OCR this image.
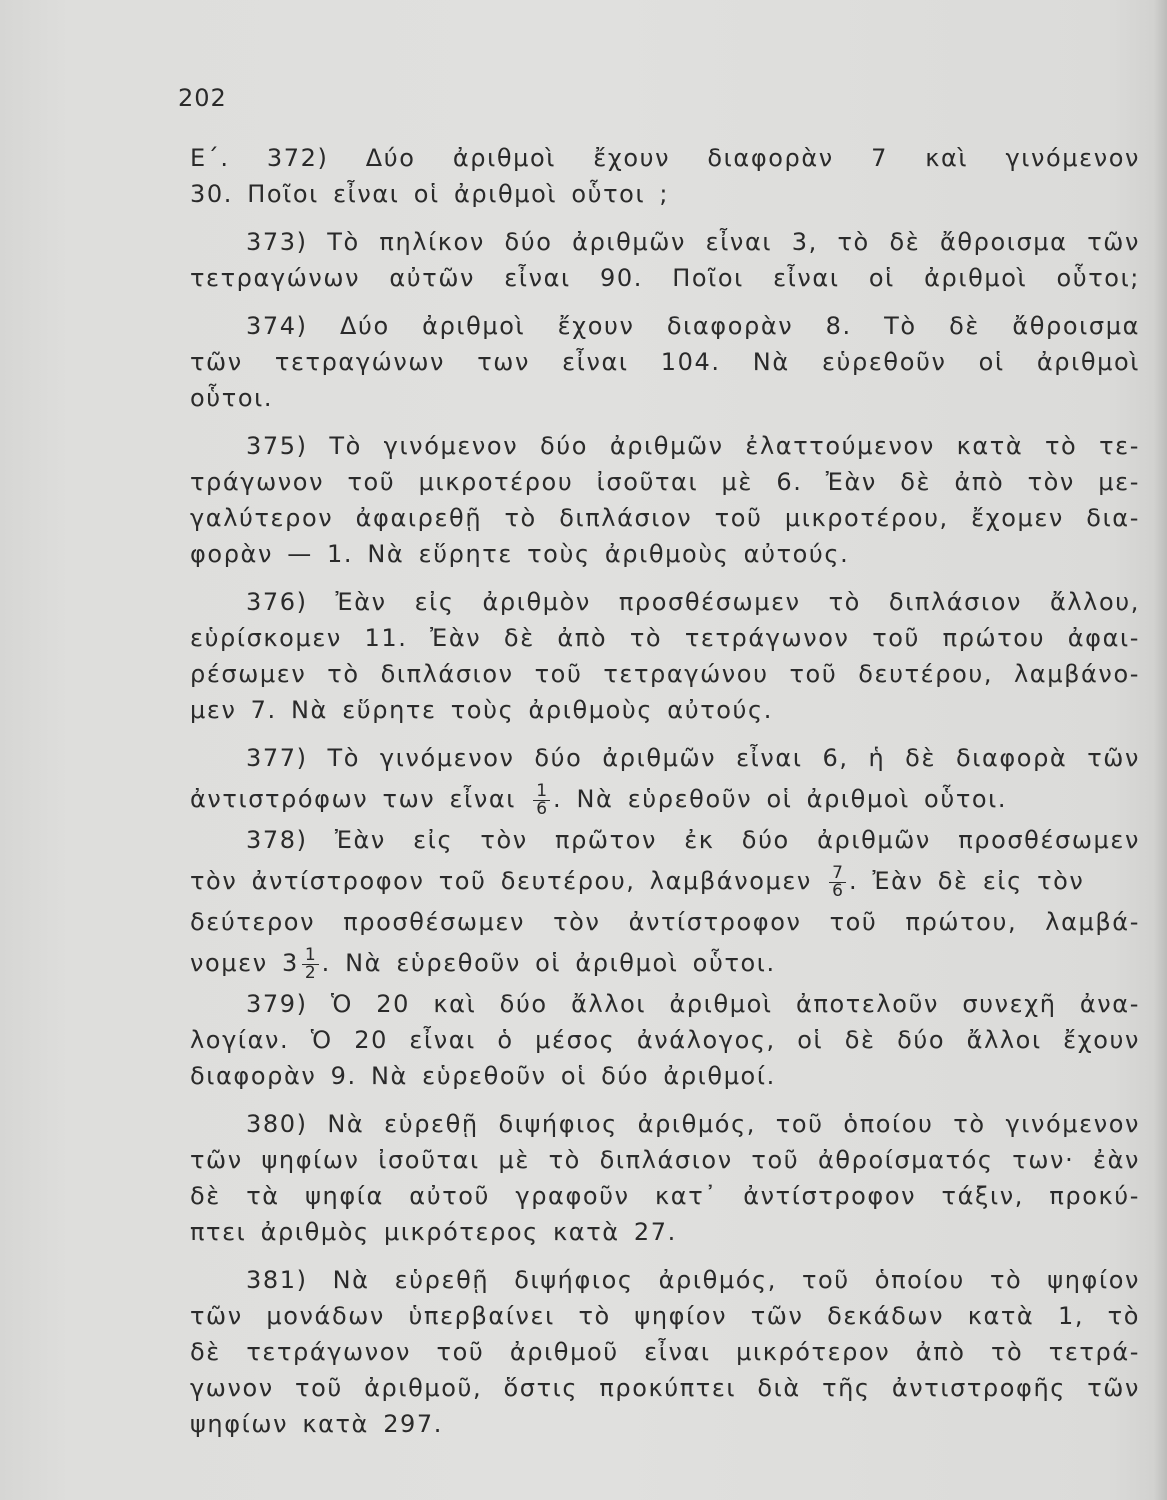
202
Ε΄. 372) Δύο ἀριθμοὶ ἔχουν διαφορὰν 7 καὶ γινόμενον
30. Ποῖοι εἶναι οἱ ἀριθμοὶ οὗτοι ;
373) Τὸ πηλίκον δύο ἀριθμῶν εἶναι 3, τὸ δὲ ἄθροισμα τῶν
τετραγώνων αὐτῶν εἶναι 90. Ποῖοι εἶναι οἱ ἀριθμοὶ οὗτοι;
374) Δύο ἀριθμοὶ ἔχουν διαφορὰν 8. Τὸ δὲ ἄθροισμα
τῶν τετραγώνων των εἶναι 104. Νὰ εὑρεθοῦν οἱ ἀριθμοὶ
οὗτοι.
375) Τὸ γινόμενον δύο ἀριθμῶν ἐλαττούμενον κατὰ τὸ τε-
τράγωνον τοῦ μικροτέρου ἰσοῦται μὲ 6. Ἐὰν δὲ ἀπὸ τὸν με-
γαλύτερον ἀφαιρεθῇ τὸ διπλάσιον τοῦ μικροτέρου, ἔχομεν δια-
φορὰν — 1. Νὰ εὕρητε τοὺς ἀριθμοὺς αὐτούς.
376) Ἐὰν εἰς ἀριθμὸν προσθέσωμεν τὸ διπλάσιον ἄλλου,
εὑρίσκομεν 11. Ἐὰν δὲ ἀπὸ τὸ τετράγωνον τοῦ πρώτου ἀφαι-
ρέσωμεν τὸ διπλάσιον τοῦ τετραγώνου τοῦ δευτέρου, λαμβάνο-
μεν 7. Νὰ εὕρητε τοὺς ἀριθμοὺς αὐτούς.
377) Τὸ γινόμενον δύο ἀριθμῶν εἶναι 6, ἡ δὲ διαφορὰ τῶν
ἀντιστρόφων των εἶναι $\frac{1}{6}$ . Νὰ εὑρεθοῦν οἱ ἀριθμοὶ οὗτοι.
378) Ἐὰν εἰς τὸν πρῶτον ἐκ δύο ἀριθμῶν προσθέσωμεν
τὸν ἀντίστροφον τοῦ δευτέρου, λαμβάνομεν $\frac{7}{6}$ . Ἐὰν δὲ εἰς τὸν
δεύτερον προσθέσωμεν τὸν ἀντίστροφον τοῦ πρώτου, λαμβά-
νομεν $3 \frac{1}{2}$ . Νὰ εὑρεθοῦν οἱ ἀριθμοὶ οὗτοι.
379) Ὁ 20 καὶ δύο ἄλλοι ἀριθμοὶ ἀποτελοῦν συνεχῆ ἀνα-
λογίαν. Ὁ 20 εἶναι ὁ μέσος ἀνάλογος, οἱ δὲ δύο ἄλλοι ἔχουν
διαφορὰν 9. Νὰ εὑρεθοῦν οἱ δύο ἀριθμοί.
380) Νὰ εὑρεθῇ διψήφιος ἀριθμός, τοῦ ὁποίου τὸ γινόμενον
τῶν ψηφίων ἰσοῦται μὲ τὸ διπλάσιον τοῦ ἀθροίσματός των· ἐὰν
δὲ τὰ ψηφία αὐτοῦ γραφοῦν κατ᾽ ἀντίστροφον τάξιν, προκύ-
πτει ἀριθμὸς μικρότερος κατὰ 27.
381) Νὰ εὑρεθῇ διψήφιος ἀριθμός, τοῦ ὁποίου τὸ ψηφίον
τῶν μονάδων ὑπερβαίνει τὸ ψηφίον τῶν δεκάδων κατὰ 1, τὸ
δὲ τετράγωνον τοῦ ἀριθμοῦ εἶναι μικρότερον ἀπὸ τὸ τετρά-
γωνον τοῦ ἀριθμοῦ, ὅστις προκύπτει διὰ τῆς ἀντιστροφῆς τῶν
ψηφίων κατὰ 297.
